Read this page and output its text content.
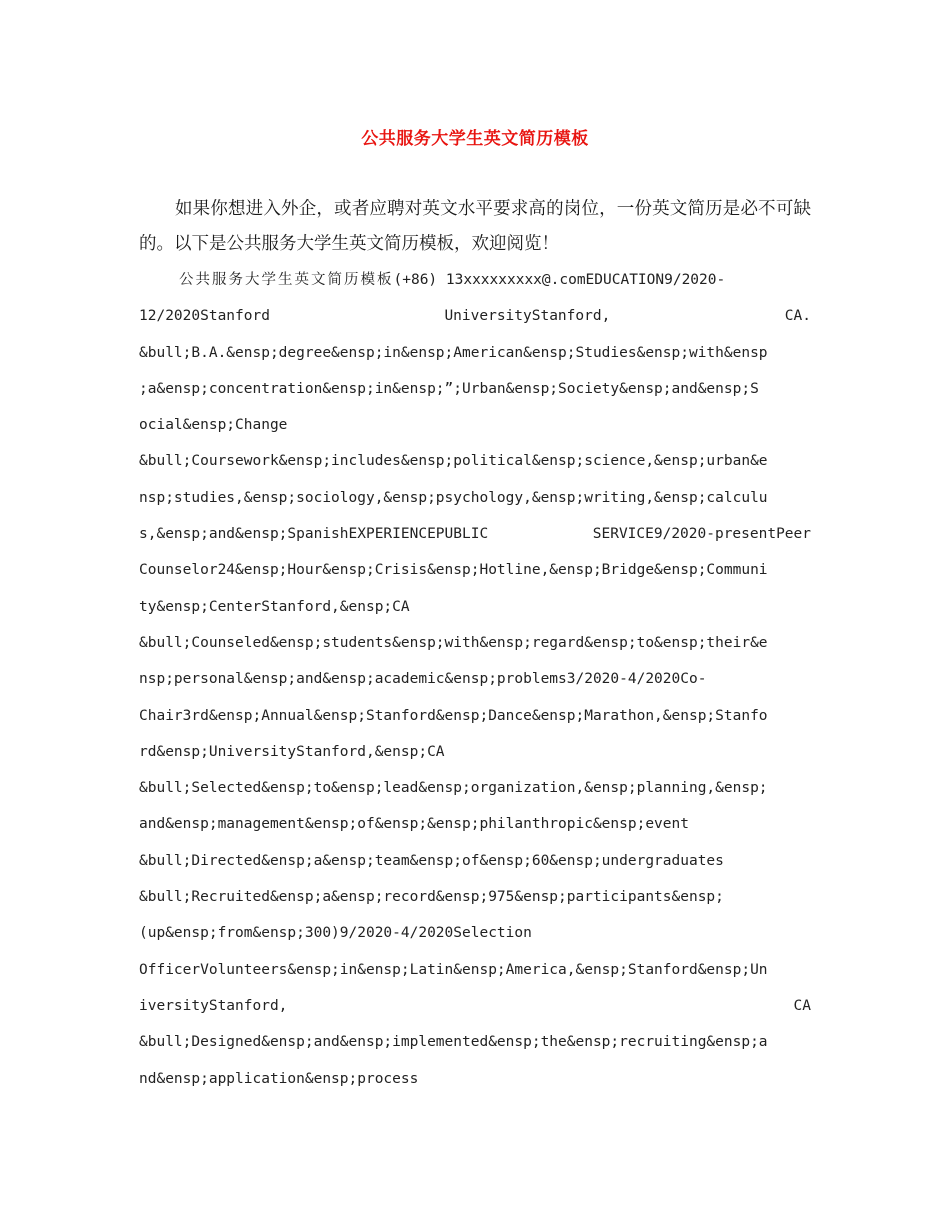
公共服务大学生英文简历模板
如果你想进入外企，或者应聘对英文水平要求高的岗位，一份英文简历是必不可缺的。以下是公共服务大学生英文简历模板，欢迎阅览！
公共服务大学生英文简历模板(+86) 13xxxxxxxxx@.comEDUCATION9/2020-
12/2020Stanford	UniversityStanford,	CA.
&bull;B.A.&ensp;degree&ensp;in&ensp;American&ensp;Studies&ensp;with&ensp
;a&ensp;concentration&ensp;in&ensp;”;Urban&ensp;Society&ensp;and&ensp;S
ocial&ensp;Change
&bull;Coursework&ensp;includes&ensp;political&ensp;science,&ensp;urban&e
nsp;studies,&ensp;sociology,&ensp;psychology,&ensp;writing,&ensp;calculu
s,&ensp;and&ensp;SpanishEXPERIENCEPUBLIC	SERVICE9/2020-presentPeer
Counselor24&ensp;Hour&ensp;Crisis&ensp;Hotline,&ensp;Bridge&ensp;Communi
ty&ensp;CenterStanford,&ensp;CA
&bull;Counseled&ensp;students&ensp;with&ensp;regard&ensp;to&ensp;their&e
nsp;personal&ensp;and&ensp;academic&ensp;problems3/2020-4/2020Co-
Chair3rd&ensp;Annual&ensp;Stanford&ensp;Dance&ensp;Marathon,&ensp;Stanfo
rd&ensp;UniversityStanford,&ensp;CA
&bull;Selected&ensp;to&ensp;lead&ensp;organization,&ensp;planning,&ensp;
and&ensp;management&ensp;of&ensp;&ensp;philanthropic&ensp;event
&bull;Directed&ensp;a&ensp;team&ensp;of&ensp;60&ensp;undergraduates
&bull;Recruited&ensp;a&ensp;record&ensp;975&ensp;participants&ensp;
(up&ensp;from&ensp;300)9/2020-4/2020Selection
OfficerVolunteers&ensp;in&ensp;Latin&ensp;America,&ensp;Stanford&ensp;Un
iversityStanford,	CA
&bull;Designed&ensp;and&ensp;implemented&ensp;the&ensp;recruiting&ensp;a
nd&ensp;application&ensp;process
